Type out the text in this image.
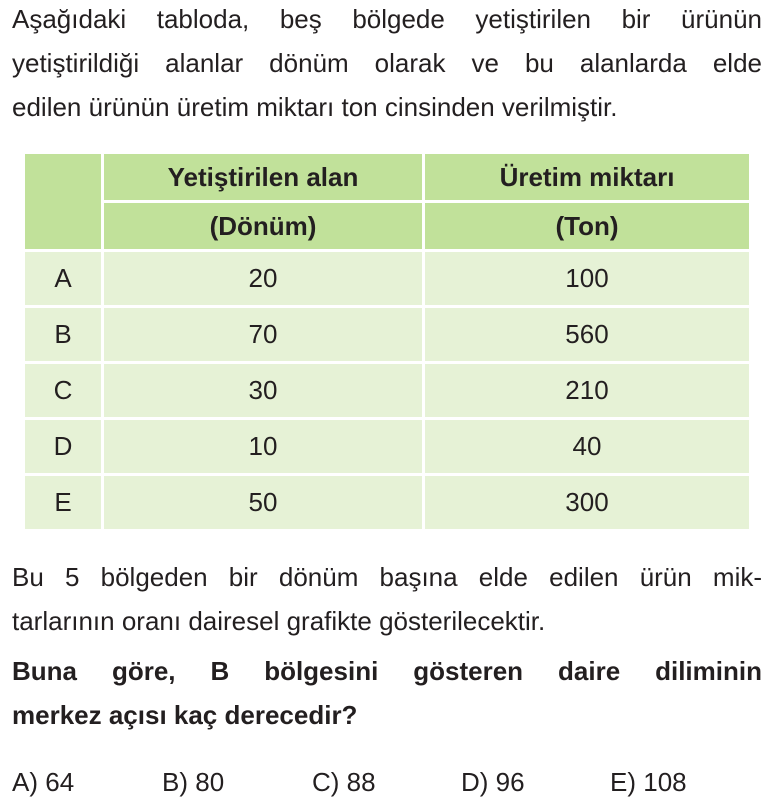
Aşağıdaki tabloda, beş bölgede yetiştirilen bir ürünün
yetiştirildiği alanlar dönüm olarak ve bu alanlarda elde
edilen ürünün üretim miktarı ton cinsinden verilmiştir.

	Yetiştirilen alan	Üretim miktarı
	(Dönüm)	(Ton)
A	20	100
B	70	560
C	30	210
D	10	40
E	50	300

Bu 5 bölgeden bir dönüm başına elde edilen ürün mik-
tarlarının oranı dairesel grafikte gösterilecektir.

Buna göre, B bölgesini gösteren daire diliminin
merkez açısı kaç derecedir?

A) 64	B) 80	C) 88	D) 96	E) 108
